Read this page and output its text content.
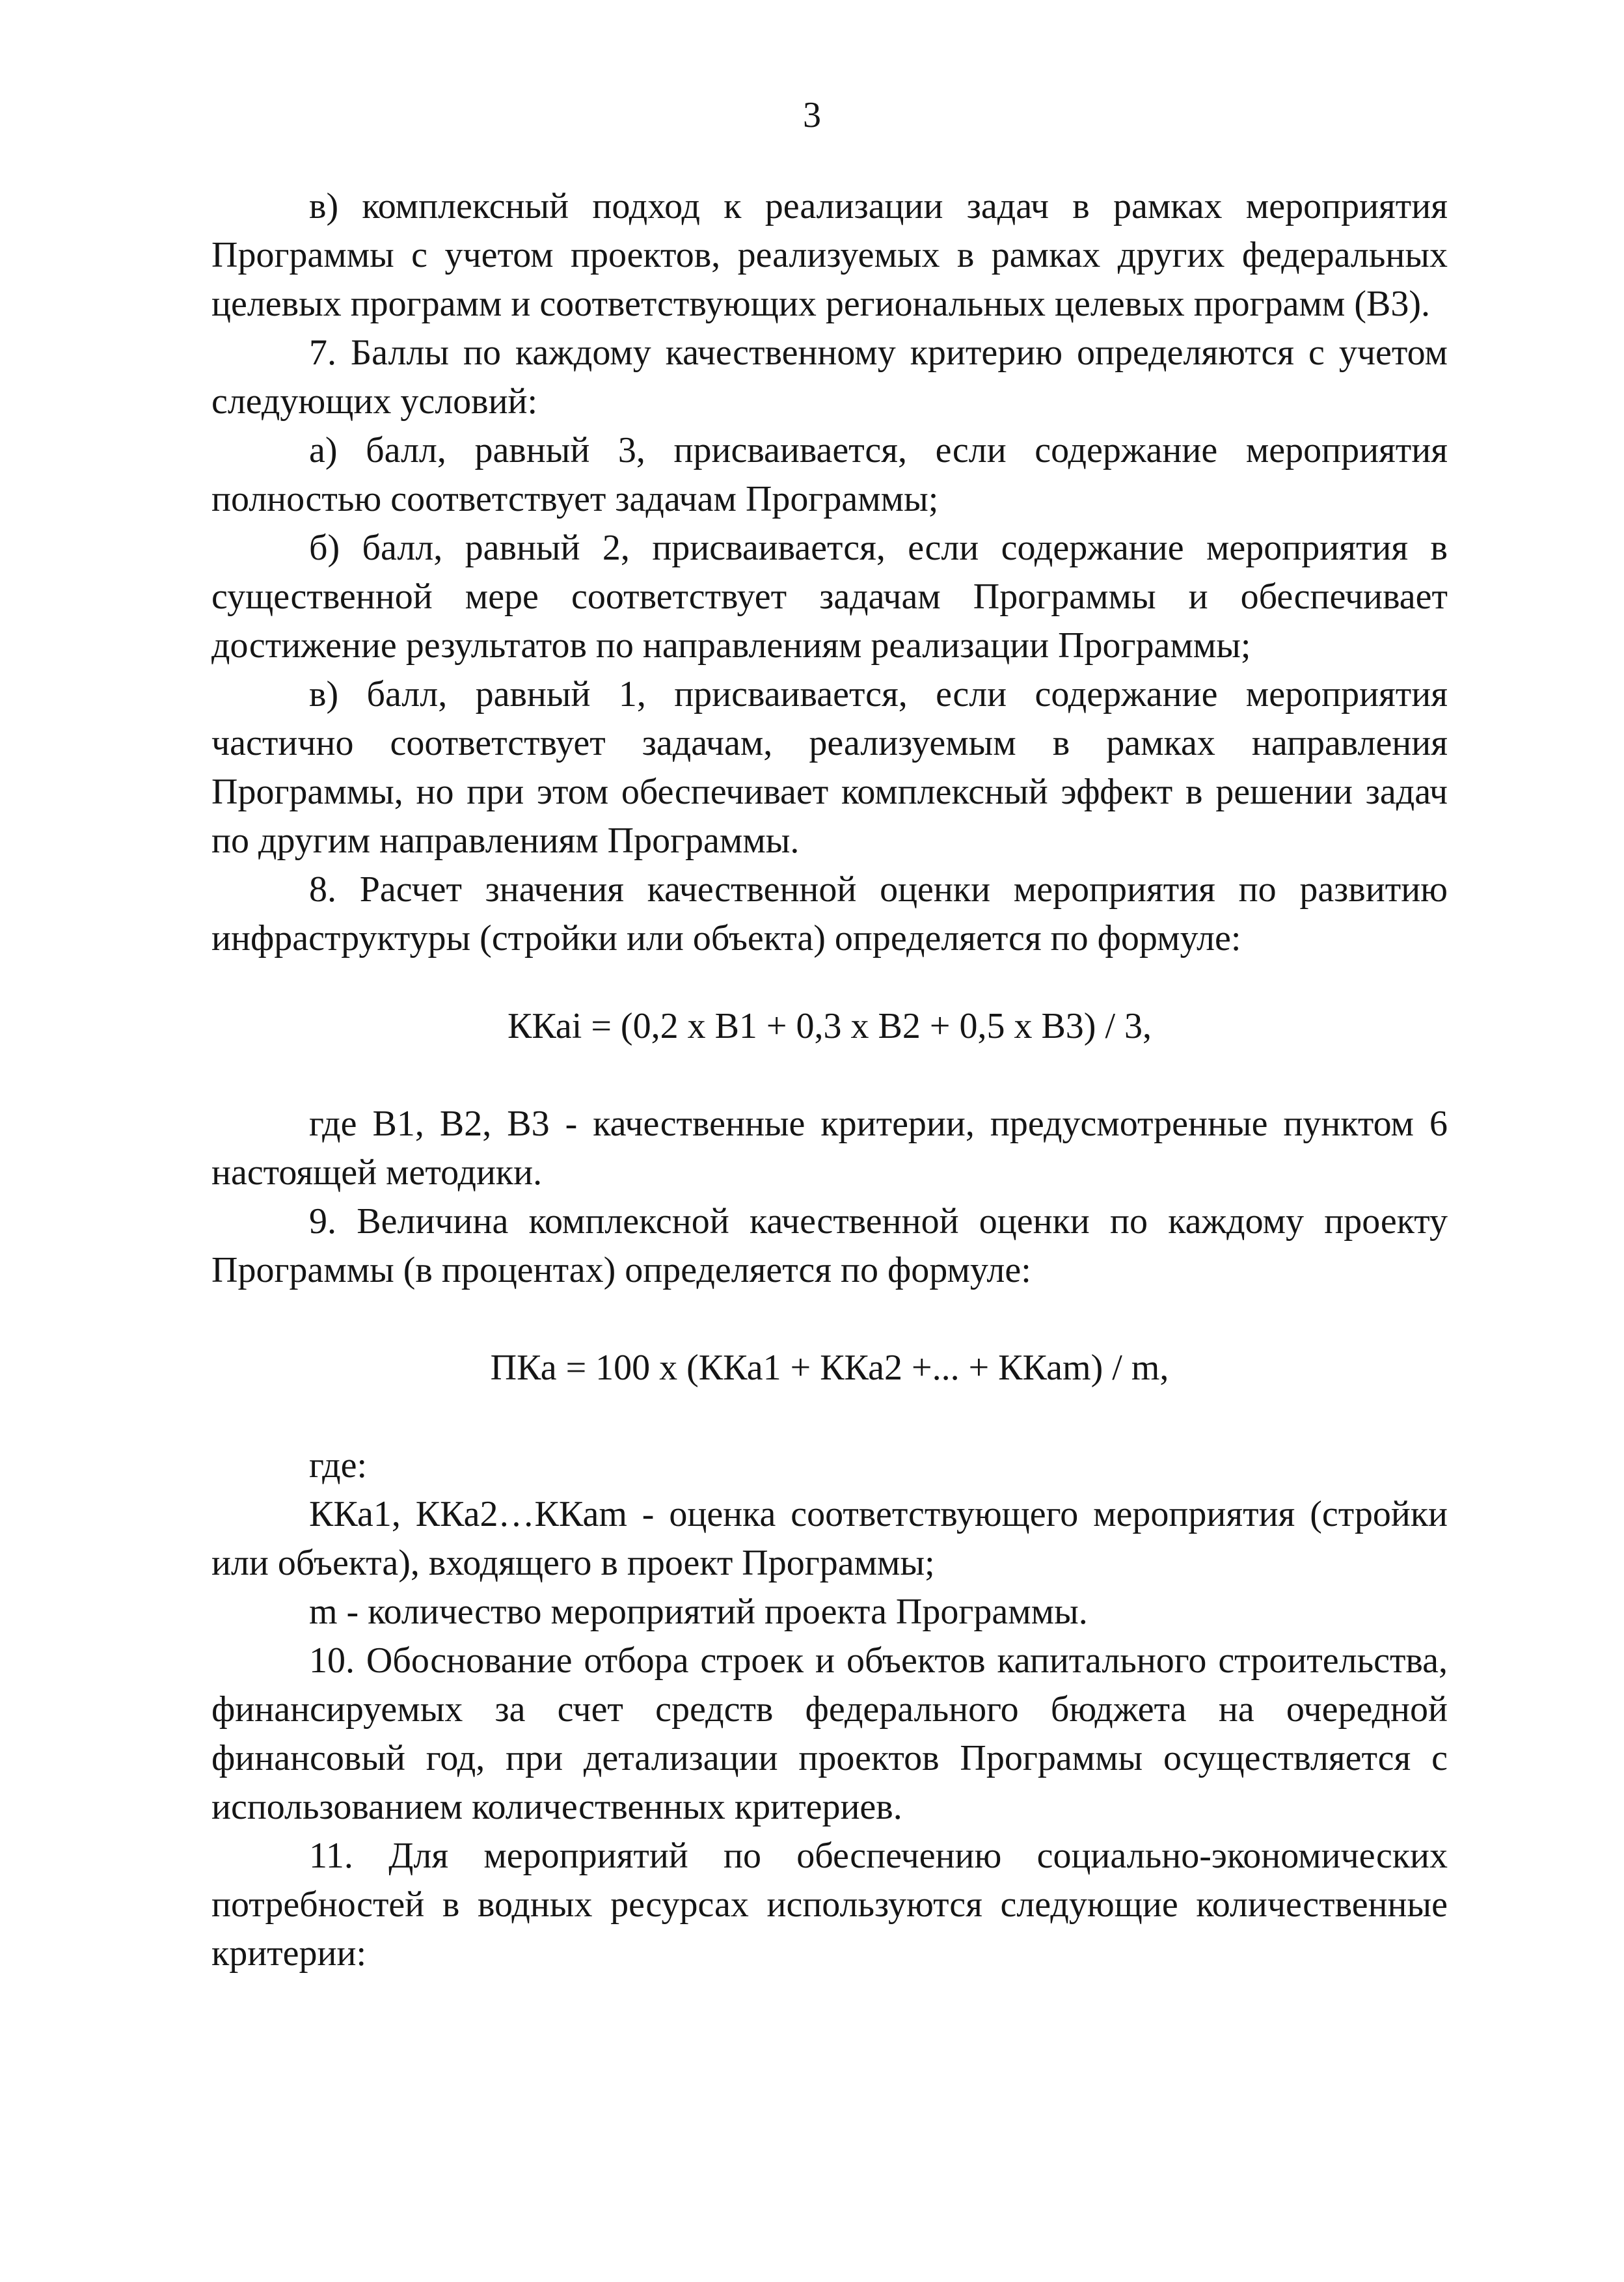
3

в) комплексный подход к реализации задач в рамках мероприятия Программы с учетом проектов, реализуемых в рамках других федеральных целевых программ и соответствующих региональных целевых программ (В3).

7. Баллы по каждому качественному критерию определяются с учетом следующих условий:

а) балл, равный 3, присваивается, если содержание мероприятия полностью соответствует задачам Программы;

б) балл, равный 2, присваивается, если содержание мероприятия в существенной мере соответствует задачам Программы и обеспечивает достижение результатов по направлениям реализации Программы;

в) балл, равный 1, присваивается, если содержание мероприятия частично соответствует задачам, реализуемым в рамках направления Программы, но при этом обеспечивает комплексный эффект в решении задач по другим направлениям Программы.

8. Расчет значения качественной оценки мероприятия по развитию инфраструктуры (стройки или объекта) определяется по формуле:

ККаi = (0,2 х В1 + 0,3 х В2 + 0,5 х В3) / 3,

где В1, В2, В3 - качественные критерии, предусмотренные пунктом 6 настоящей методики.

9. Величина комплексной качественной оценки по каждому проекту Программы (в процентах) определяется по формуле:

ПКа = 100 х (ККа1 + ККа2 +... + ККаm) / m,

где:

ККа1, ККа2…ККаm - оценка соответствующего мероприятия (стройки или объекта), входящего в проект Программы;

m - количество мероприятий проекта Программы.

10. Обоснование отбора строек и объектов капитального строительства, финансируемых за счет средств федерального бюджета на очередной финансовый год, при детализации проектов Программы осуществляется с использованием количественных критериев.

11. Для мероприятий по обеспечению социально-экономических потребностей в водных ресурсах используются следующие количественные критерии:
